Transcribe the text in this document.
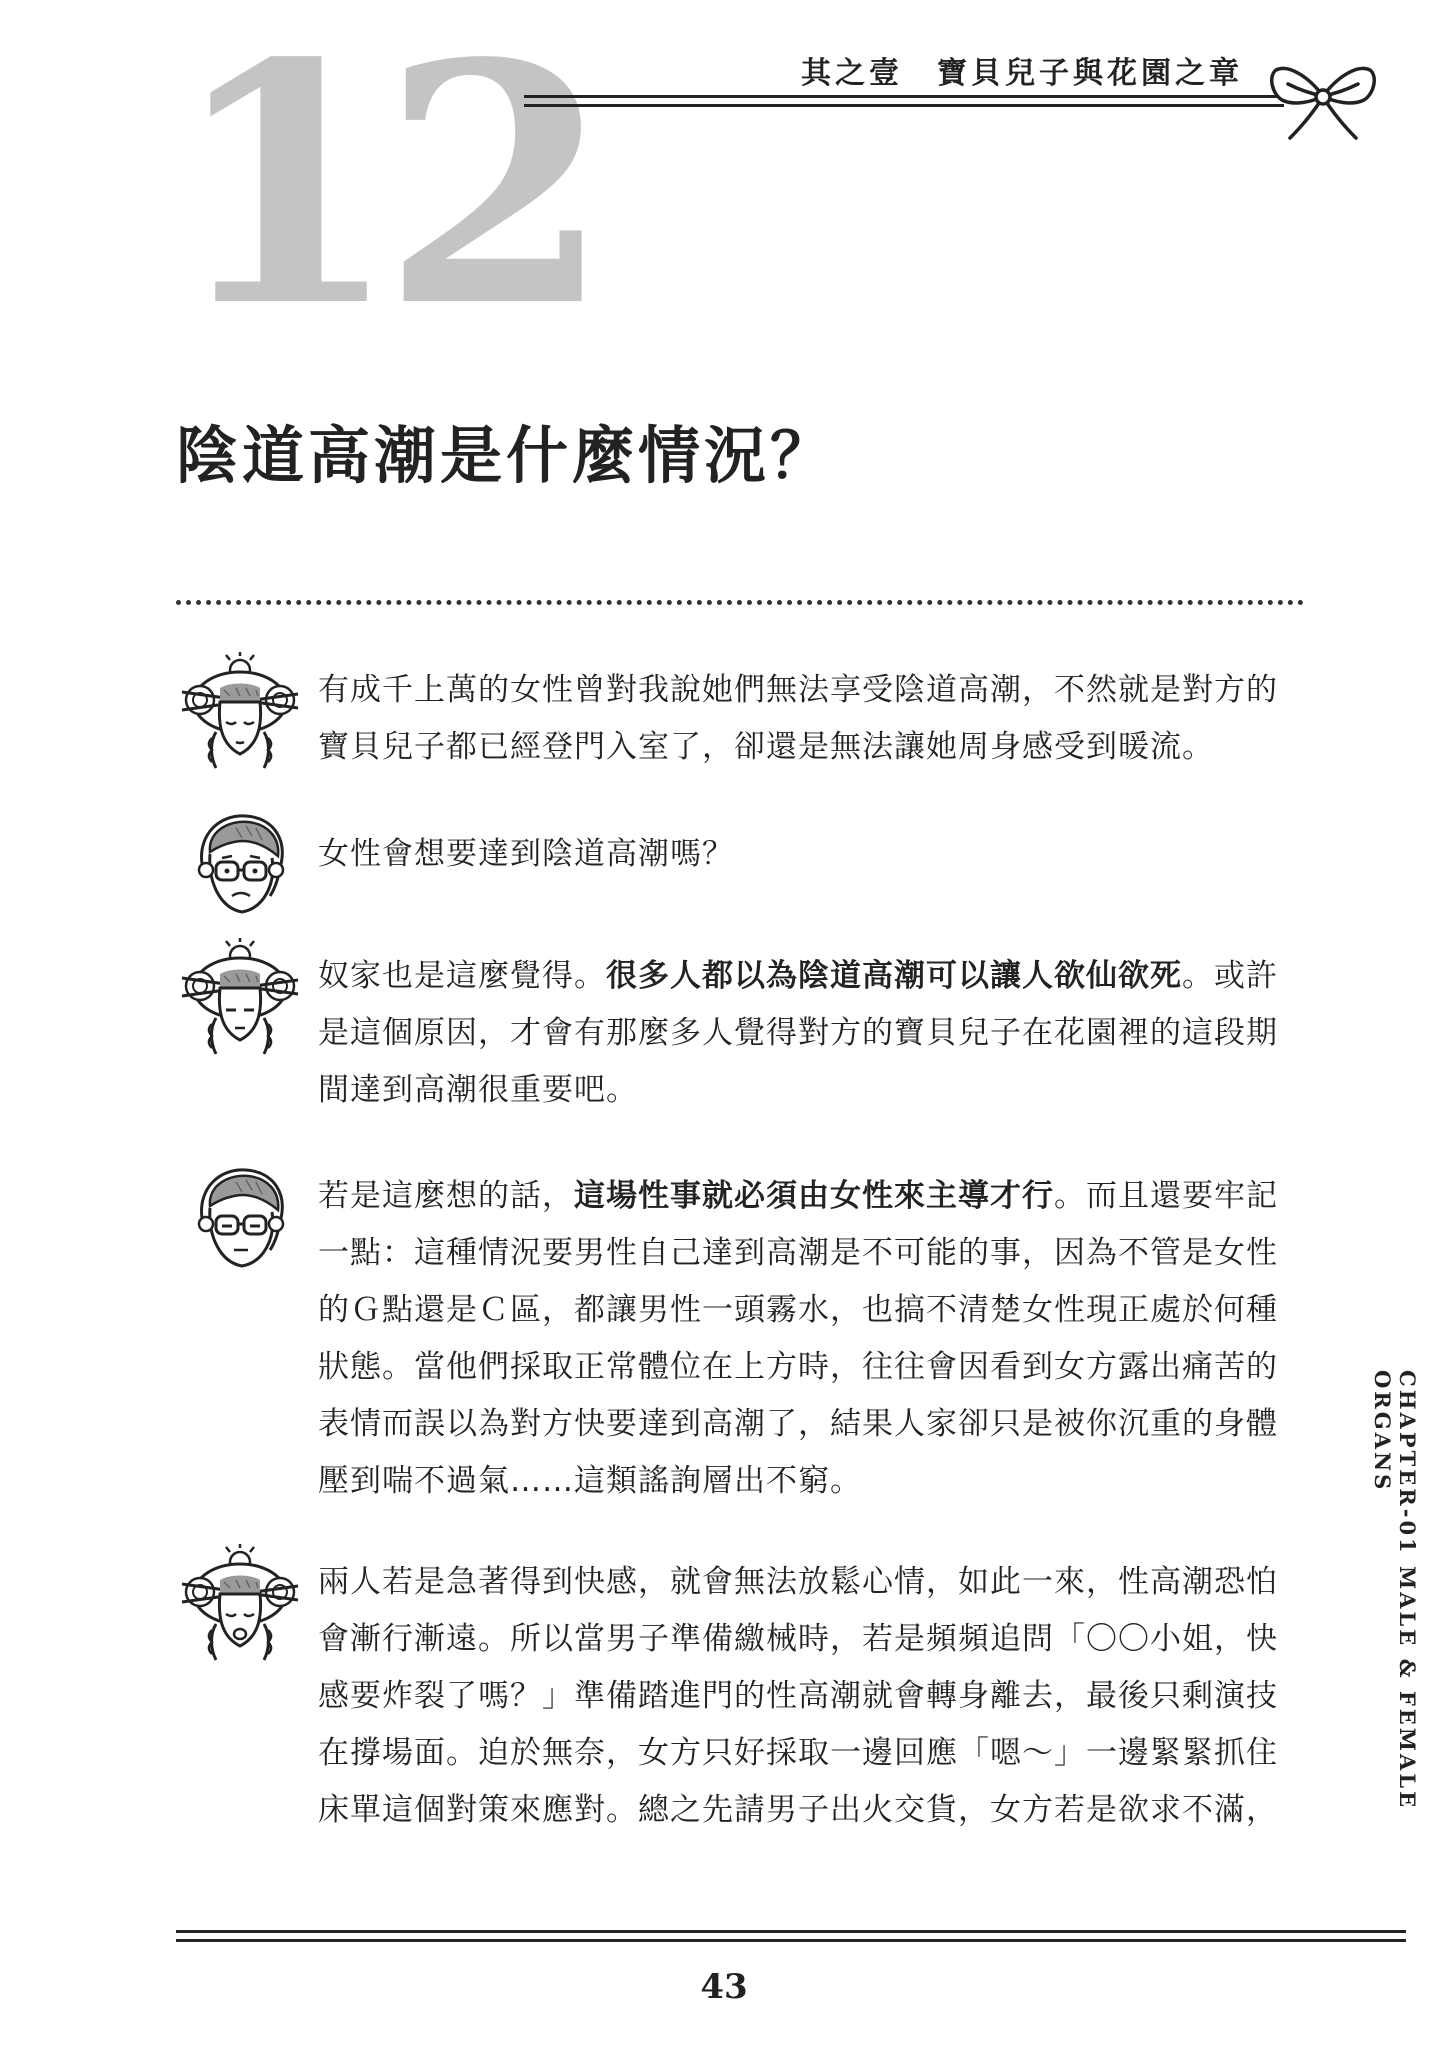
12	其之壹　寶貝兒子與花園之章
陰道高潮是什麼情況？
有成千上萬的女性曾對我說她們無法享受陰道高潮，不然就是對方的寶貝兒子都已經登門入室了，卻還是無法讓她周身感受到暖流。
女性會想要達到陰道高潮嗎？
奴家也是這麼覺得。很多人都以為陰道高潮可以讓人欲仙欲死。或許是這個原因，才會有那麼多人覺得對方的寶貝兒子在花園裡的這段期間達到高潮很重要吧。
若是這麼想的話，這場性事就必須由女性來主導才行。而且還要牢記一點：這種情況要男性自己達到高潮是不可能的事，因為不管是女性的Ｇ點還是Ｃ區，都讓男性一頭霧水，也搞不清楚女性現正處於何種狀態。當他們採取正常體位在上方時，往往會因看到女方露出痛苦的表情而誤以為對方快要達到高潮了，結果人家卻只是被你沉重的身體壓到喘不過氣……這類謠詢層出不窮。
兩人若是急著得到快感，就會無法放鬆心情，如此一來，性高潮恐怕會漸行漸遠。所以當男子準備繳械時，若是頻頻追問「〇〇小姐，快感要炸裂了嗎？」準備踏進門的性高潮就會轉身離去，最後只剩演技在撐場面。迫於無奈，女方只好採取一邊回應「嗯～」一邊緊緊抓住床單這個對策來應對。總之先請男子出火交貨，女方若是欲求不滿，	CHAPTER-01 MALE & FEMALE ORGANS
43
